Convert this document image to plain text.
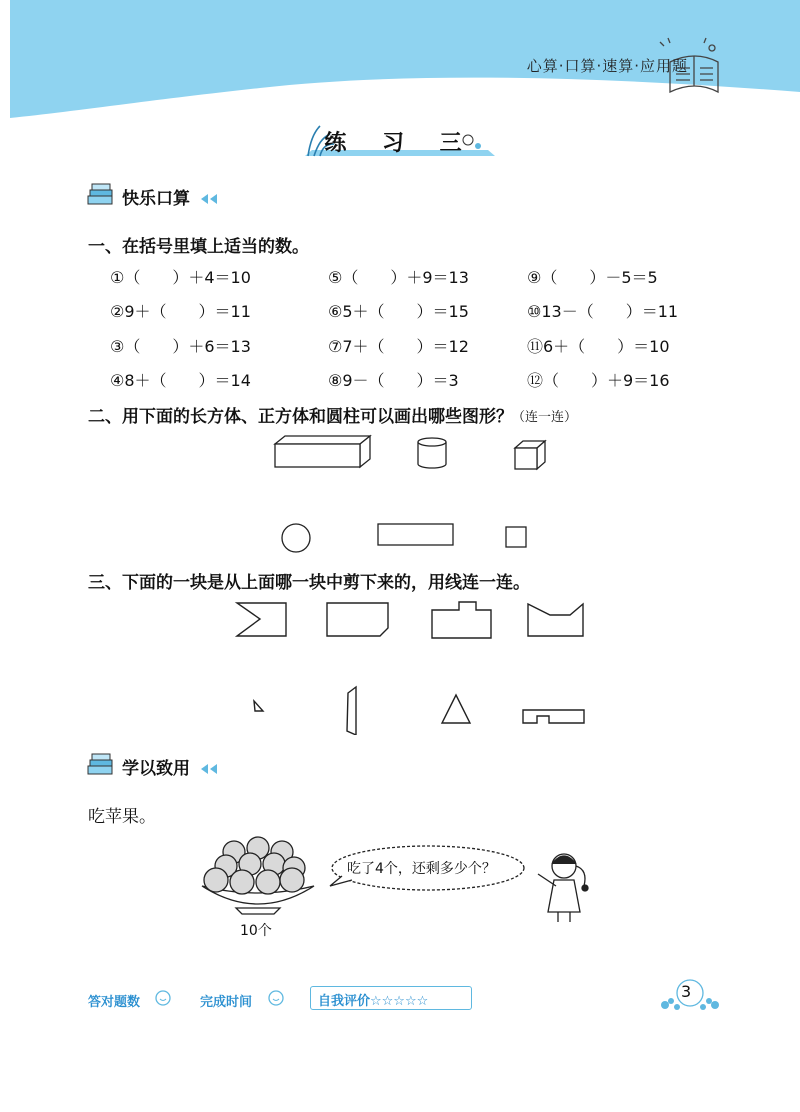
心算·口算·速算·应用题
练 习 三
快乐口算
一、在括号里填上适当的数。
①（　　）＋4＝10	⑤（　　）＋9＝13	⑨（　　）－5＝5
②9＋（　　）＝11	⑥5＋（　　）＝15	⑩13－（　　）＝11
③（　　）＋6＝13	⑦7＋（　　）＝12	⑪6＋（　　）＝10
④8＋（　　）＝14	⑧9－（　　）＝3	⑫（　　）＋9＝16
二、用下面的长方体、正方体和圆柱可以画出哪些图形？ （连一连）
三、下面的一块是从上面哪一块中剪下来的，用线连一连。
学以致用
吃苹果。
10个
吃了4个，还剩多少个？
答对题数	完成时间	自我评价☆☆☆☆☆
3
